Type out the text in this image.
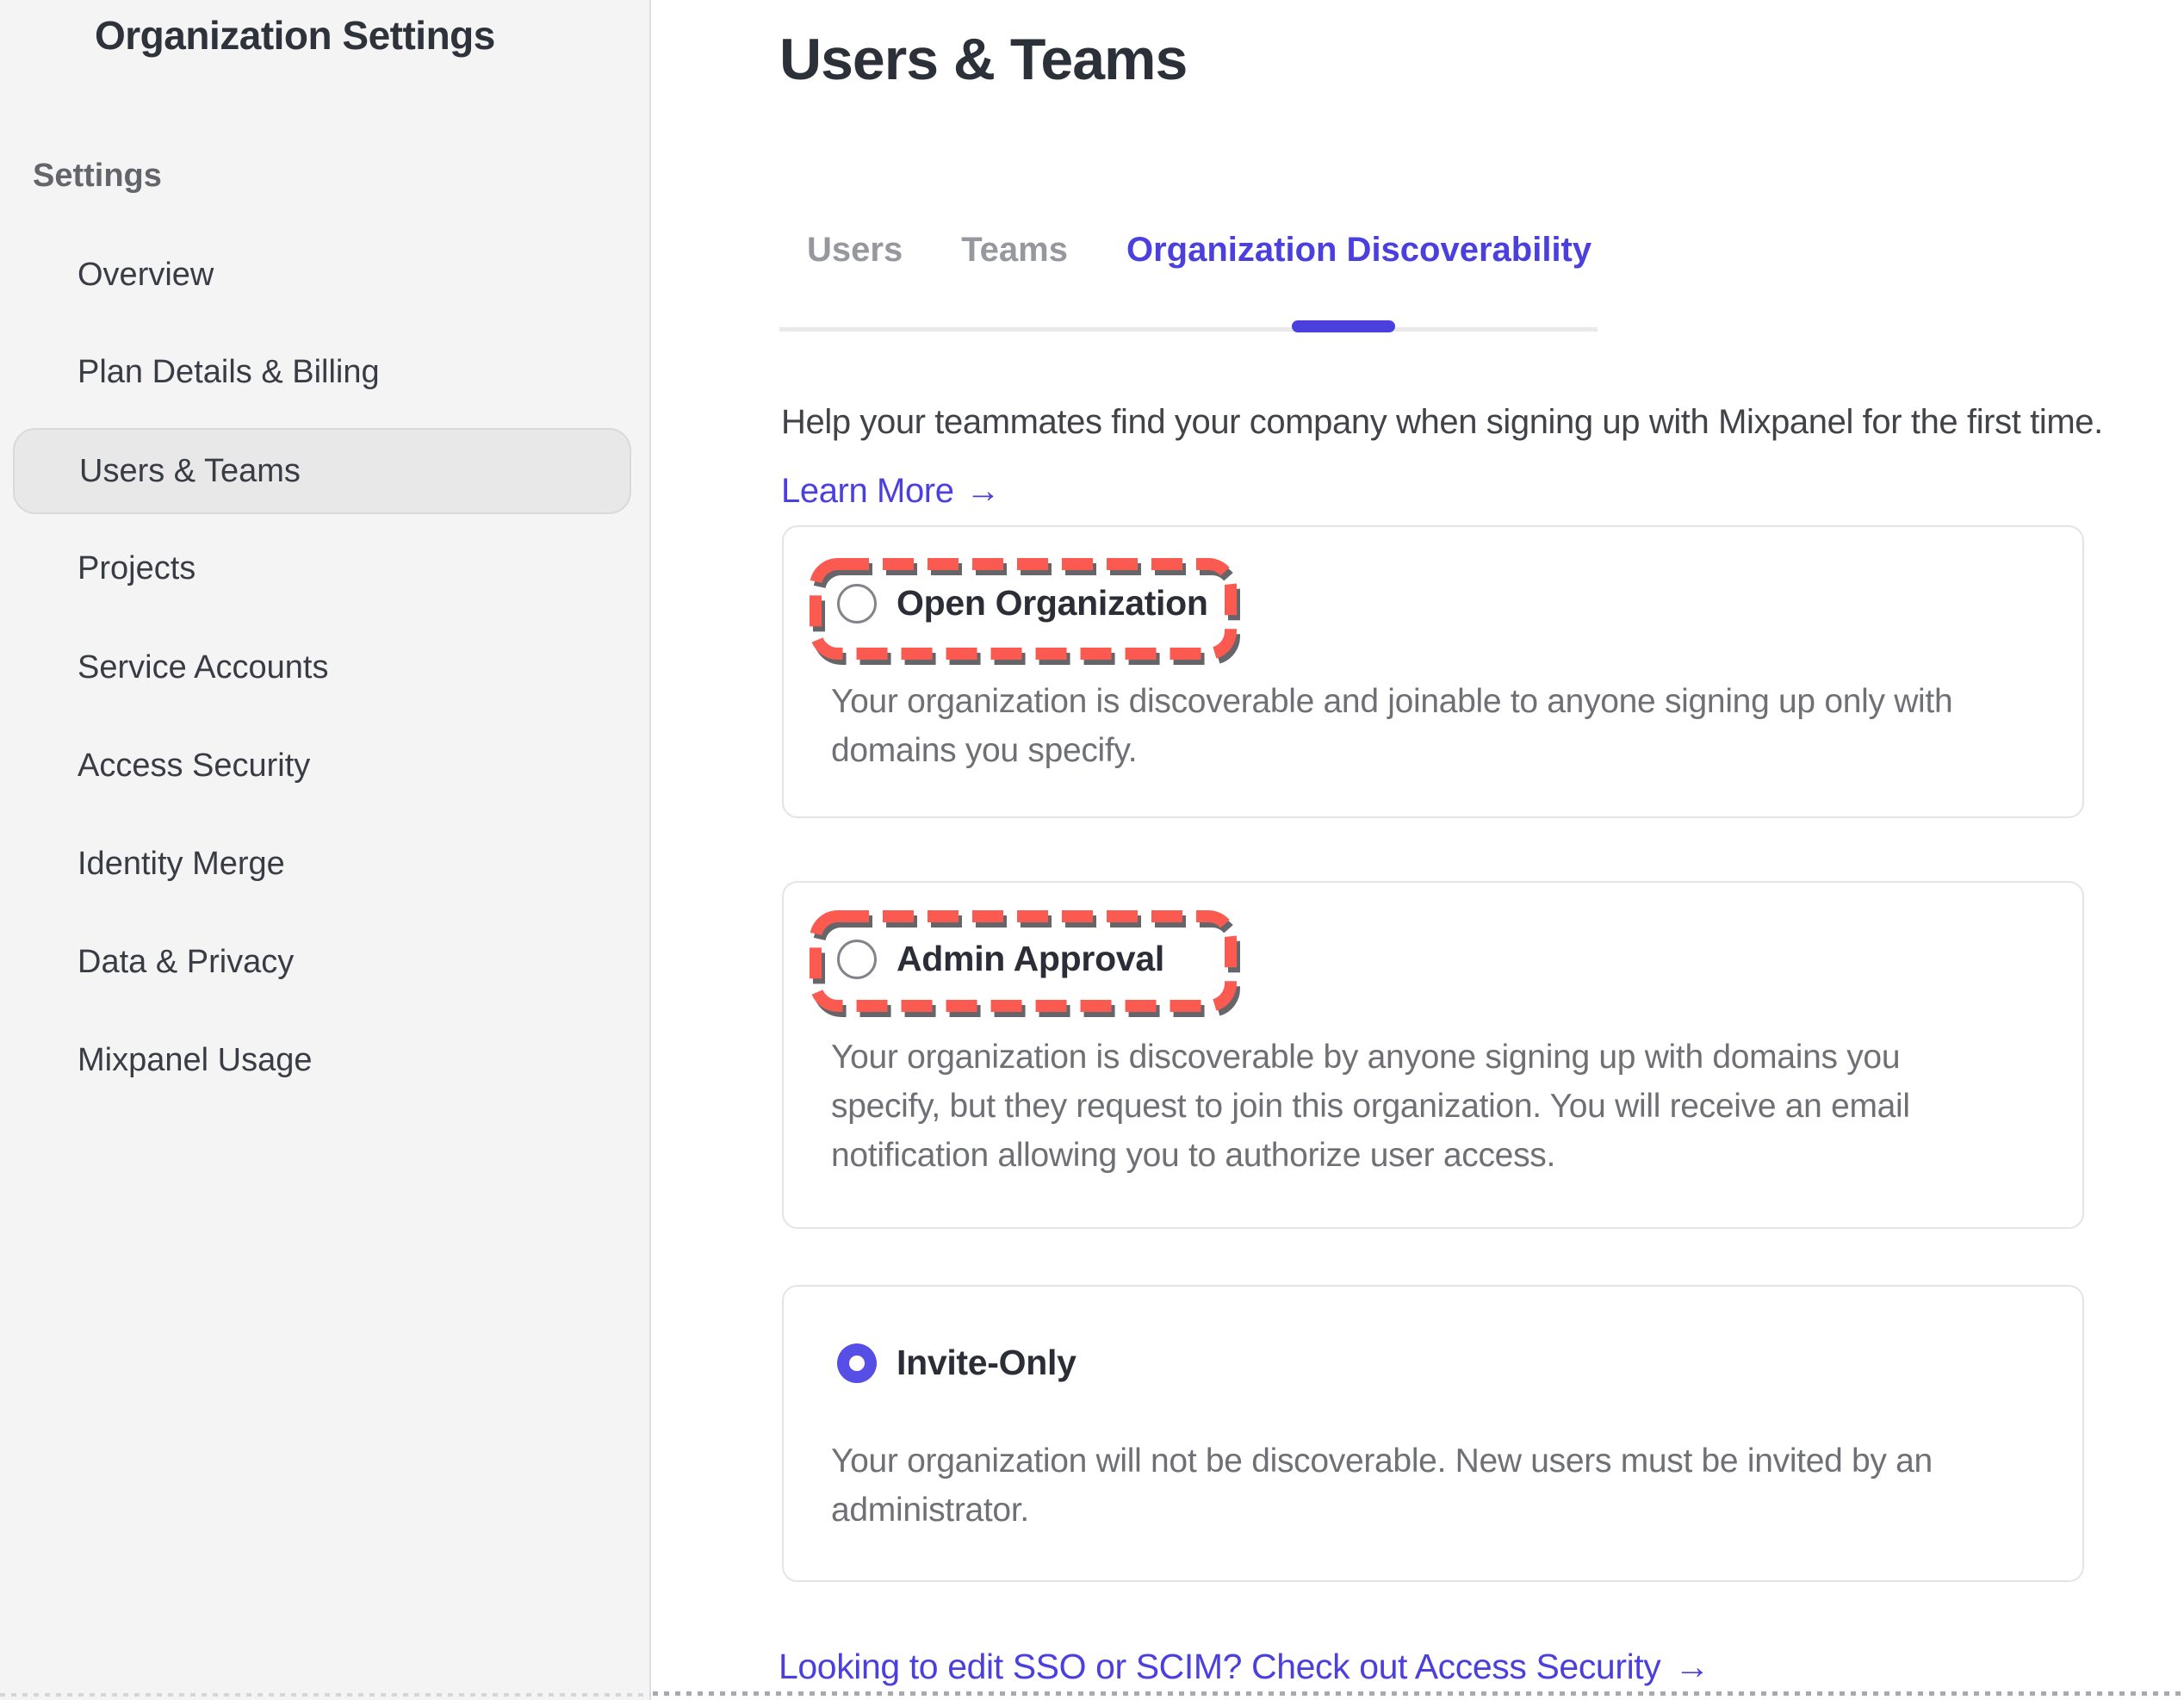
Organization Settings
Settings
Overview
Plan Details & Billing
Users & Teams
Projects
Service Accounts
Access Security
Identity Merge
Data & Privacy
Mixpanel Usage
Users & Teams
Users Teams Organization Discoverability

Help your teammates find your company when signing up with Mixpanel for the first time.

Learn More →
Open Organization
Your organization is discoverable and joinable to anyone signing up only with
domains you specify.
Admin Approval
Your organization is discoverable by anyone signing up with domains you
specify, but they request to join this organization. You will receive an email
notification allowing you to authorize user access.
Invite-Only
Your organization will not be discoverable. New users must be invited by an
administrator.
Looking to edit SSO or SCIM? Check out Access Security →
